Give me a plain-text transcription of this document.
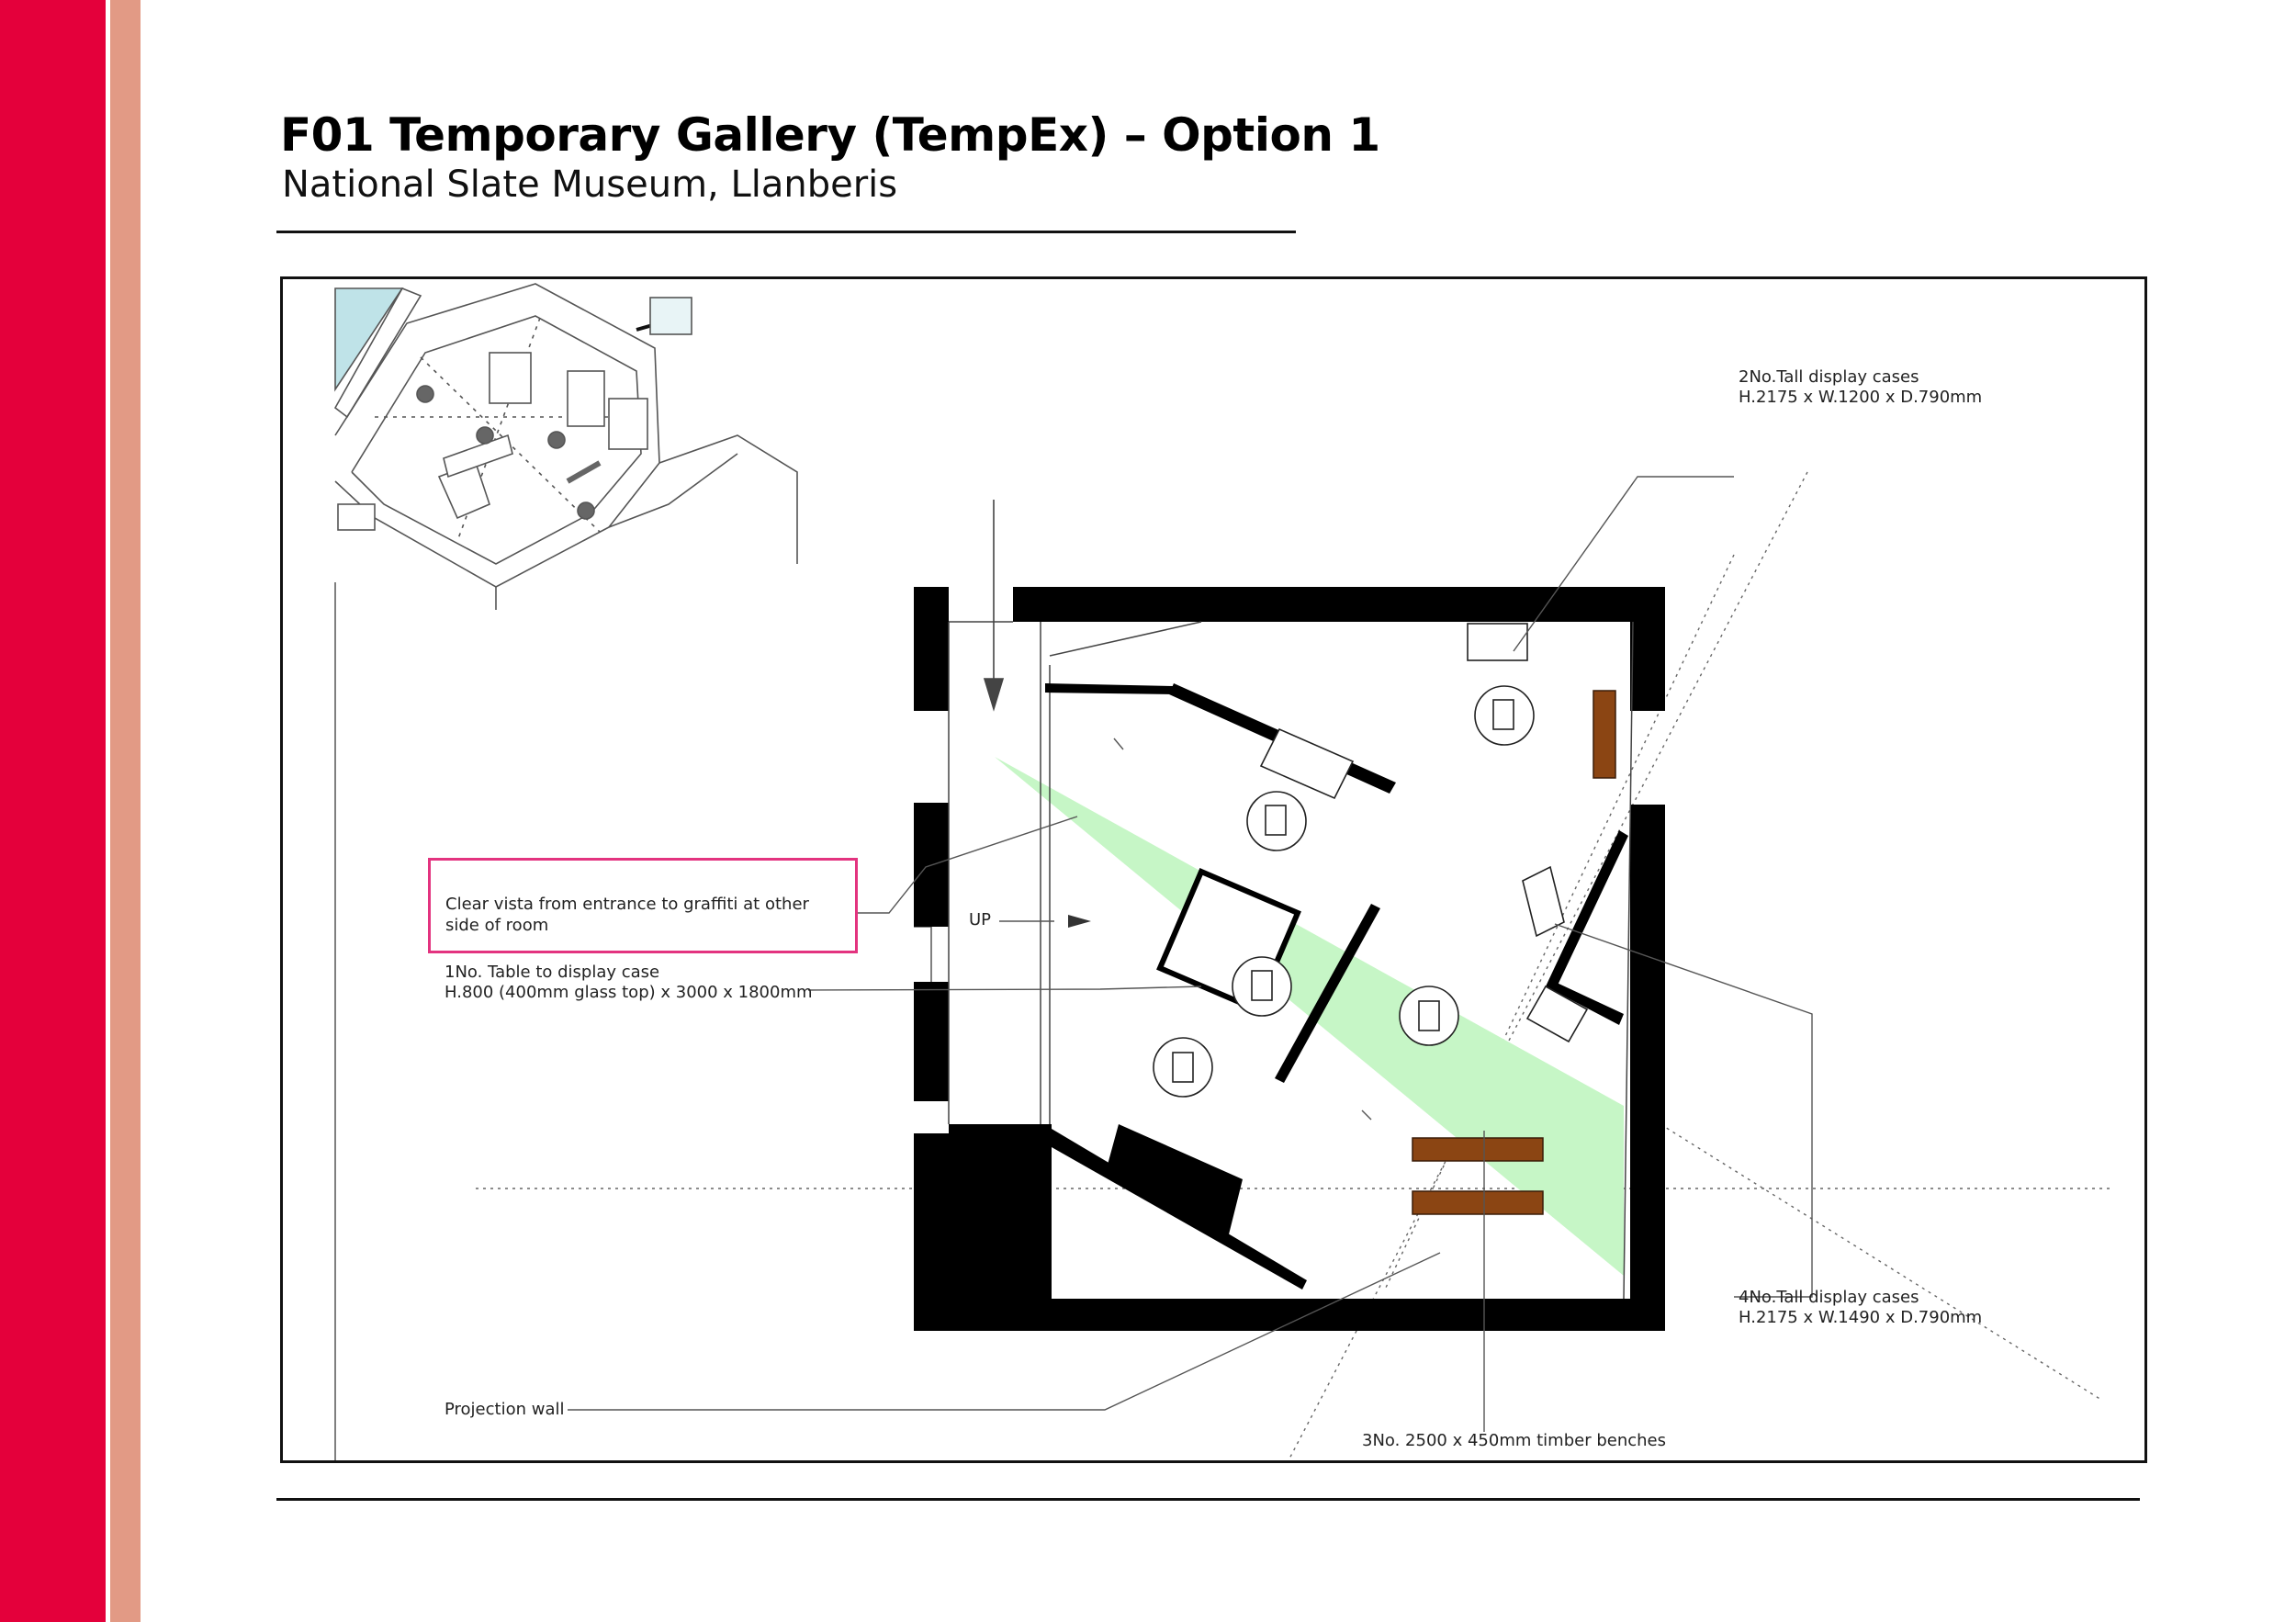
F01 Temporary Gallery (TempEx) – Option 1
National Slate Museum, Llanberis
Clear vista from entrance to graffiti at other
side of room
1No. Table to display case
H.800 (400mm glass top) x 3000 x 1800mm
2No.Tall display cases
H.2175 x W.1200 x D.790mm
4No.Tall display cases
H.2175 x W.1490 x D.790mm
3No. 2500 x 450mm timber benches
Projection wall
UP
